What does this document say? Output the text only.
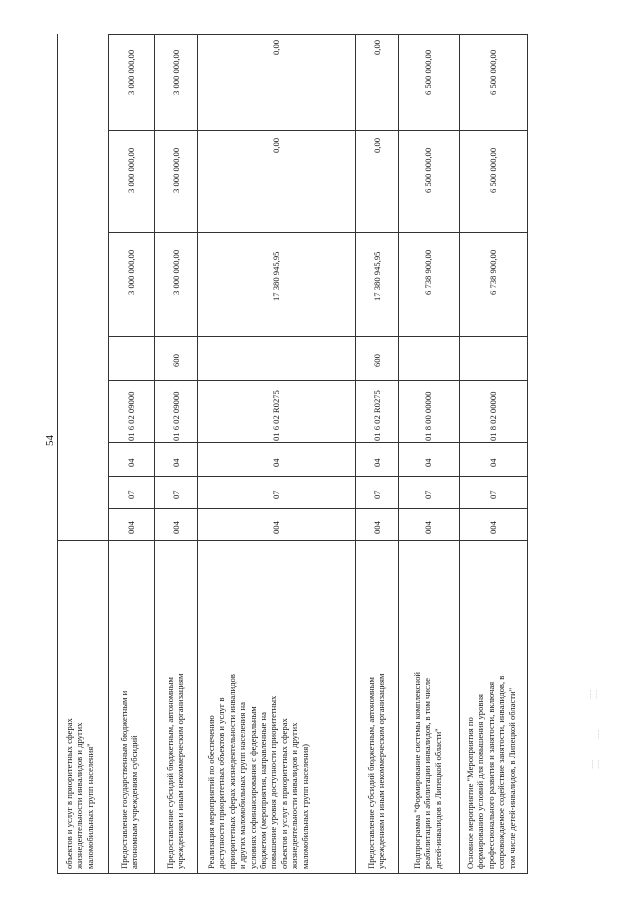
54
объектов и услуг в приоритетных сферах жизнедеятельности инвалидов и других маломобильных групп населения"	Предоставление государственным бюджетным и автономным учреждениям субсидий
004
07
04
01 6 02 09000
3 000 000,00
3 000 000,00
3 000 000,00
Предоставление субсидий бюджетным, автономным учреждениям и иным некоммерческим организациям
004
07
04
01 6 02 09000
600
3 000 000,00
3 000 000,00
3 000 000,00
Реализация мероприятий по обеспечению доступности приоритетных объектов и услуг в приоритетных сферах жизнедеятельности инвалидов и других маломобильных групп населения на условиях софинансирования с федеральным бюджетом (мероприятия, направленные на повышение уровня доступности приоритетных объектов и услуг в приоритетных сферах жизнедеятельности инвалидов и других маломобильных групп населения)
004
07
04
01 6 02 R0275
17 380 945,95
0,00
0,00
Предоставление субсидий бюджетным, автономным учреждениям и иным некоммерческим организациям
004
07
04
01 6 02 R0275
600
17 380 945,95
0,00
0,00
Подпрограмма "Формирование системы комплексной реабилитации и абилитации инвалидов, в том числе детей-инвалидов в Липецкой области"
004
07
04
01 8 00 00000
6 738 900,00
6 500 000,00
6 500 000,00
Основное мероприятие "Мероприятия по формированию условий для повышения уровня профессионального развития и занятости, включая сопровождаемое содействие занятости, инвалидов, в том числе детей-инвалидов, в Липецкой области"
004
07
04
01 8 02 00000
6 738 900,00
6 500 000,00
6 500 000,00
┆┆
┆
┆┆
